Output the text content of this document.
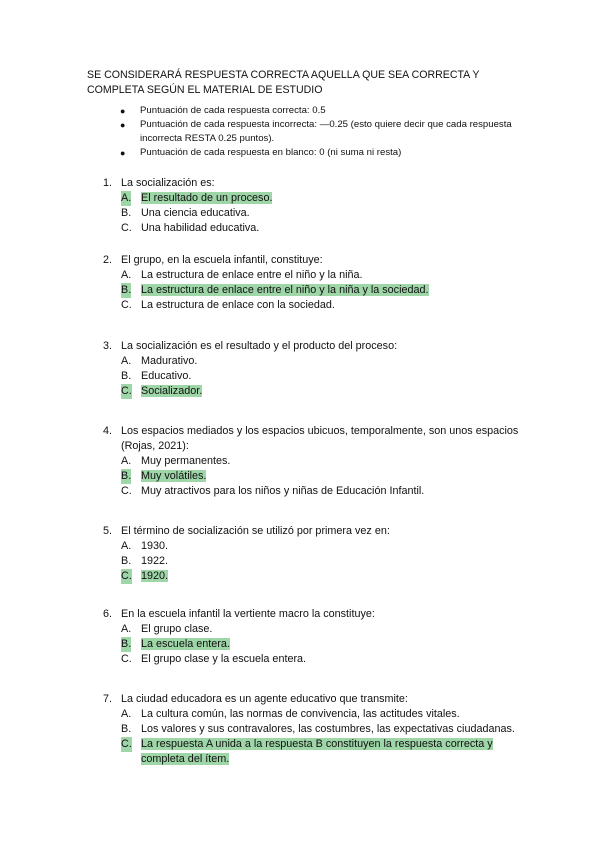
SE CONSIDERARÁ RESPUESTA CORRECTA AQUELLA QUE SEA CORRECTA Y COMPLETA SEGÚN EL MATERIAL DE ESTUDIO
●	Puntuación de cada respuesta correcta: 0.5
●	Puntuación de cada respuesta incorrecta: —0.25 (esto quiere decir que cada respuesta incorrecta RESTA 0.25 puntos).
●	Puntuación de cada respuesta en blanco: 0 (ni suma ni resta)
1. La socialización es:
A. El resultado de un proceso.
B. Una ciencia educativa.
C. Una habilidad educativa.
2. El grupo, en la escuela infantil, constituye:
A. La estructura de enlace entre el niño y la niña.
B. La estructura de enlace entre el niño y la niña y la sociedad.
C. La estructura de enlace con la sociedad.
3. La socialización es el resultado y el producto del proceso:
A. Madurativo.
B. Educativo.
C. Socializador.
4. Los espacios mediados y los espacios ubicuos, temporalmente, son unos espacios (Rojas, 2021):
A. Muy permanentes.
B. Muy volátiles.
C. Muy atractivos para los niños y niñas de Educación Infantil.
5. El término de socialización se utilizó por primera vez en:
A. 1930.
B. 1922.
C. 1920.
6. En la escuela infantil la vertiente macro la constituye:
A. El grupo clase.
B. La escuela entera.
C. El grupo clase y la escuela entera.
7. La ciudad educadora es un agente educativo que transmite:
A. La cultura común, las normas de convivencia, las actitudes vitales.
B. Los valores y sus contravalores, las costumbres, las expectativas ciudadanas.
C. La respuesta A unida a la respuesta B constituyen la respuesta correcta y completa del ítem.
